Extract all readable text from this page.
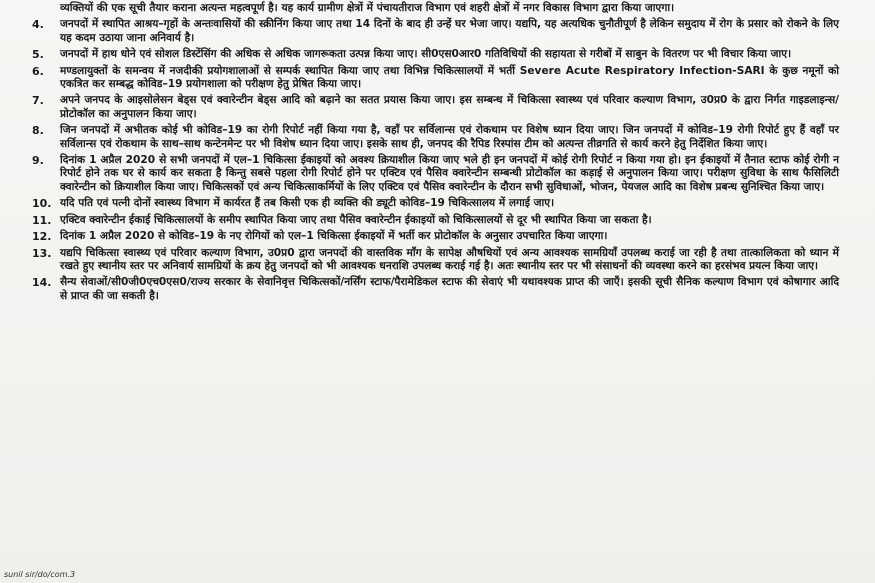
व्यक्तियों की एक सूची तैयार कराना अत्यन्त महत्वपूर्ण है। यह कार्य ग्रामीण क्षेत्रों में पंचायतीराज विभाग एवं शहरी क्षेत्रों में नगर विकास विभाग द्वारा किया जाएगा।
4.	जनपदों में स्थापित आश्रय–गृहों के अन्तःवासियों की स्क्रीनिंग किया जाए तथा 14 दिनों के बाद ही उन्हें घर भेजा जाए। यद्यपि, यह अत्यधिक चुनौतीपूर्ण है लेकिन समुदाय में रोग के प्रसार को रोकने के लिए यह कदम उठाया जाना अनिवार्य है।
5.	जनपदों में हाथ धोने एवं सोशल डिस्टेंसिंग की अधिक से अधिक जागरूकता उत्पन्न किया जाए। सी0एस0आर0 गतिविधियों की सहायता से गरीबों में साबुन के वितरण पर भी विचार किया जाए।
6.	मण्डलायुक्तों के समन्वय में नजदीकी प्रयोगशालाओं से सम्पर्क स्थापित किया जाए तथा विभिन्न चिकित्सालयों में भर्ती Severe Acute Respiratory Infection-SARI के कुछ नमूनों को एकत्रित कर सम्बद्ध कोविड–19 प्रयोगशाला को परीक्षण हेतु प्रेषित किया जाए।
7.	अपने जनपद के आइसोलेसन बेड्स एवं क्वारेन्टीन बेड्स आदि को बढ़ाने का सतत प्रयास किया जाए। इस सम्बन्ध में चिकित्सा स्वास्थ्य एवं परिवार कल्याण विभाग, उ0प्र0 के द्वारा निर्गत गाइडलाइन्स/प्रोटोकॉल का अनुपालन किया जाए।
8.	जिन जनपदों में अभीतक कोई भी कोविड–19 का रोगी रिपोर्ट नहीं किया गया है, वहाँ पर सर्विलान्स एवं रोकथाम पर विशेष ध्यान दिया जाए। जिन जनपदों में कोविड–19 रोगी रिपोर्ट हुए हैं वहाँ पर सर्विलान्स एवं रोकथाम के साथ–साथ कन्टेनमेन्ट पर भी विशेष ध्यान दिया जाए। इसके साथ ही, जनपद की रैपिड रिस्पांस टीम को अत्यन्त तीव्रगति से कार्य करने हेतु निर्देशित किया जाए।
9.	दिनांक 1 अप्रैल 2020 से सभी जनपदों में एल–1 चिकित्सा ईकाइयों को अवश्य क्रियाशील किया जाए भले ही इन जनपदों में कोई रोगी रिपोर्ट न किया गया हो। इन ईकाइयों में तैनात स्टाफ कोई रोगी न रिपोर्ट होने तक घर से कार्य कर सकता है किन्तु सबसे पहला रोगी रिपोर्ट होने पर एक्टिव एवं पैसिव क्वारेन्टीन सम्बन्धी प्रोटोकॉल का कड़ाई से अनुपालन किया जाए। परीक्षण सुविधा के साथ फैसिलिटी क्वारेन्टीन को क्रियाशील किया जाए। चिकित्सकों एवं अन्य चिकित्साकर्मियों के लिए एक्टिव एवं पैसिव क्वारेन्टीन के दौरान सभी सुविधाओं, भोजन, पेयजल आदि का विशेष प्रबन्ध सुनिश्चित किया जाए।
10. यदि पति एवं पत्नी दोनों स्वास्थ्य विभाग में कार्यरत हैं तब किसी एक ही व्यक्ति की ड्यूटी कोविड–19 चिकित्सालय में लगाई जाए।
11. एक्टिव क्वारेन्टीन ईकाई चिकित्सालयों के समीप स्थापित किया जाए तथा पैसिव क्वारेन्टीन ईकाइयों को चिकित्सालयों से दूर भी स्थापित किया जा सकता है।
12. दिनांक 1 अप्रैल 2020 से कोविड–19 के नए रोगियों को एल–1 चिकित्सा ईकाइयों में भर्ती कर प्रोटोकॉल के अनुसार उपचारित किया जाएगा।
13. यद्यपि चिकित्सा स्वास्थ्य एवं परिवार कल्याण विभाग, उ0प्र0 द्वारा जनपदों की वास्तविक माँग के सापेक्ष औषधियों एवं अन्य आवश्यक सामग्रियाँ उपलब्ध कराई जा रही है तथा तात्कालिकता को ध्यान में रखते हुए स्थानीय स्तर पर अनिवार्य सामग्रियों के क्रय हेतु जनपदों को भी आवश्यक धनराशि उपलब्ध कराई गई है। अतः स्थानीय स्तर पर भी संसाधनों की व्यवस्था करने का हरसंभव प्रयत्न किया जाए।
14. सैन्य सेवाओं/सी0जी0एच0एस0/राज्य सरकार के सेवानिवृत्त चिकित्सकों/नर्सिंग स्टाफ/पैरामेडिकल स्टाफ की सेवाएं भी यथावश्यक प्राप्त की जाएँ। इसकी सूची सैनिक कल्याण विभाग एवं कोषागार आदि से प्राप्त की जा सकती है।
sunil sir/do/com.3
